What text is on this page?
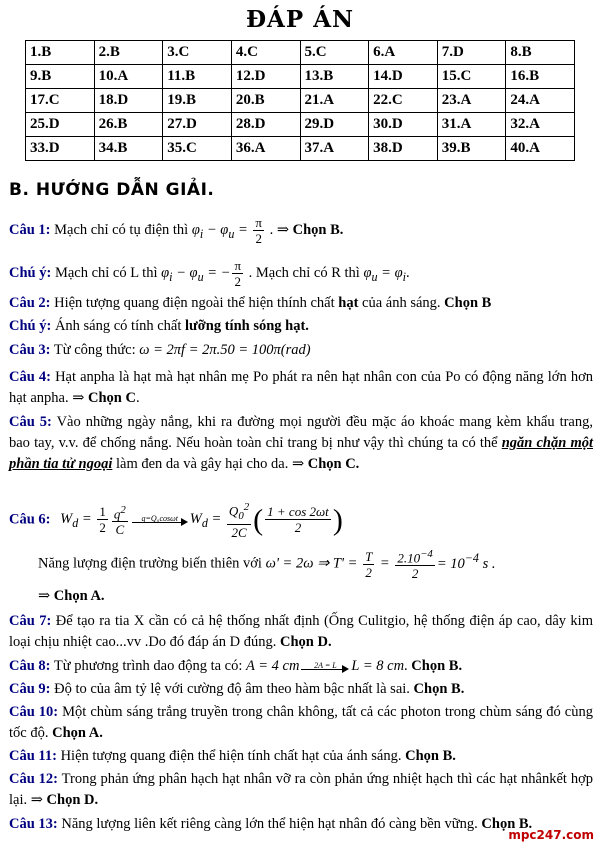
ĐÁP ÁN
1.B	2.B	3.C	4.C	5.C	6.A	7.D	8.B
9.B	10.A	11.B	12.D	13.B	14.D	15.C	16.B
17.C	18.D	19.B	20.B	21.A	22.C	23.A	24.A
25.D	26.B	27.D	28.D	29.D	30.D	31.A	32.A
33.D	34.B	35.C	36.A	37.A	38.D	39.B	40.A
B. HƯỚNG DẪN GIẢI.
Câu 1: Mạch chỉ có tụ điện thì $\varphi_i - \varphi_u = \frac{\pi}{2}$ . ⇒ Chọn B.
Chú ý: Mạch chỉ có L thì $\varphi_i - \varphi_u$ = − $\frac{\pi}{2}$ . Mạch chỉ có R thì $\varphi_u = \varphi_i$.
Câu 2: Hiện tượng quang điện ngoài thể hiện thính chất hạt của ánh sáng. Chọn B
Chú ý: Ánh sáng có tính chất lưỡng tính sóng hạt.
Câu 3: Từ công thức: ω = 2πf = 2π.50 = 100π(rad)
Câu 4: Hạt anpha là hạt mà hạt nhân mẹ Po phát ra nên hạt nhân con của Po có động năng lớn hơn hạt anpha. ⇒ Chọn C.
Câu 5: Vào những ngày nắng, khi ra đường mọi người đều mặc áo khoác mang kèm khẩu trang, bao tay, v.v. để chống nắng. Nếu hoàn toàn chỉ trang bị như vậy thì chúng ta có thể ngăn chặn một phần tia tử ngoại làm đen da và gây hại cho da. ⇒ Chọn C.
Câu 6: $W_d = \frac{1}{2} \frac{q^2}{C}$	q=Q₀cosωt $W_d = \frac{Q_0^2}{2C}$ ( $\frac{1 + \cos 2\omega t}{2}$ )
Năng lượng điện trường biến thiên với ω' = 2ω ⇒ $T' = \frac{T}{2} = \frac{2.10^{-4}}{2} = 10^{-4}$ s .
⇒ Chọn A.
Câu 7: Để tạo ra tia X cần có cả hệ thống nhất định (Ống Culitgio, hệ thống điện áp cao, dây kim loại chịu nhiệt cao...vv .Do đó đáp án D đúng. Chọn D.
Câu 8: Từ phương trình dao động ta có: A = 4 cm	2A = L	L = 8 cm. Chọn B.
Câu 9: Độ to của âm tỷ lệ với cường độ âm theo hàm bậc nhất là sai. Chọn B.
Câu 10: Một chùm sáng trắng truyền trong chân không, tất cả các photon trong chùm sáng đó cùng tốc độ. Chọn A.
Câu 11: Hiện tượng quang điện thể hiện tính chất hạt của ánh sáng. Chọn B.
Câu 12: Trong phản ứng phân hạch hạt nhân vỡ ra còn phản ứng nhiệt hạch thì các hạt nhânkết hợp lại. ⇒ Chọn D.
Câu 13: Năng lượng liên kết riêng càng lớn thể hiện hạt nhân đó càng bền vững. Chọn B.
mpc247.com
